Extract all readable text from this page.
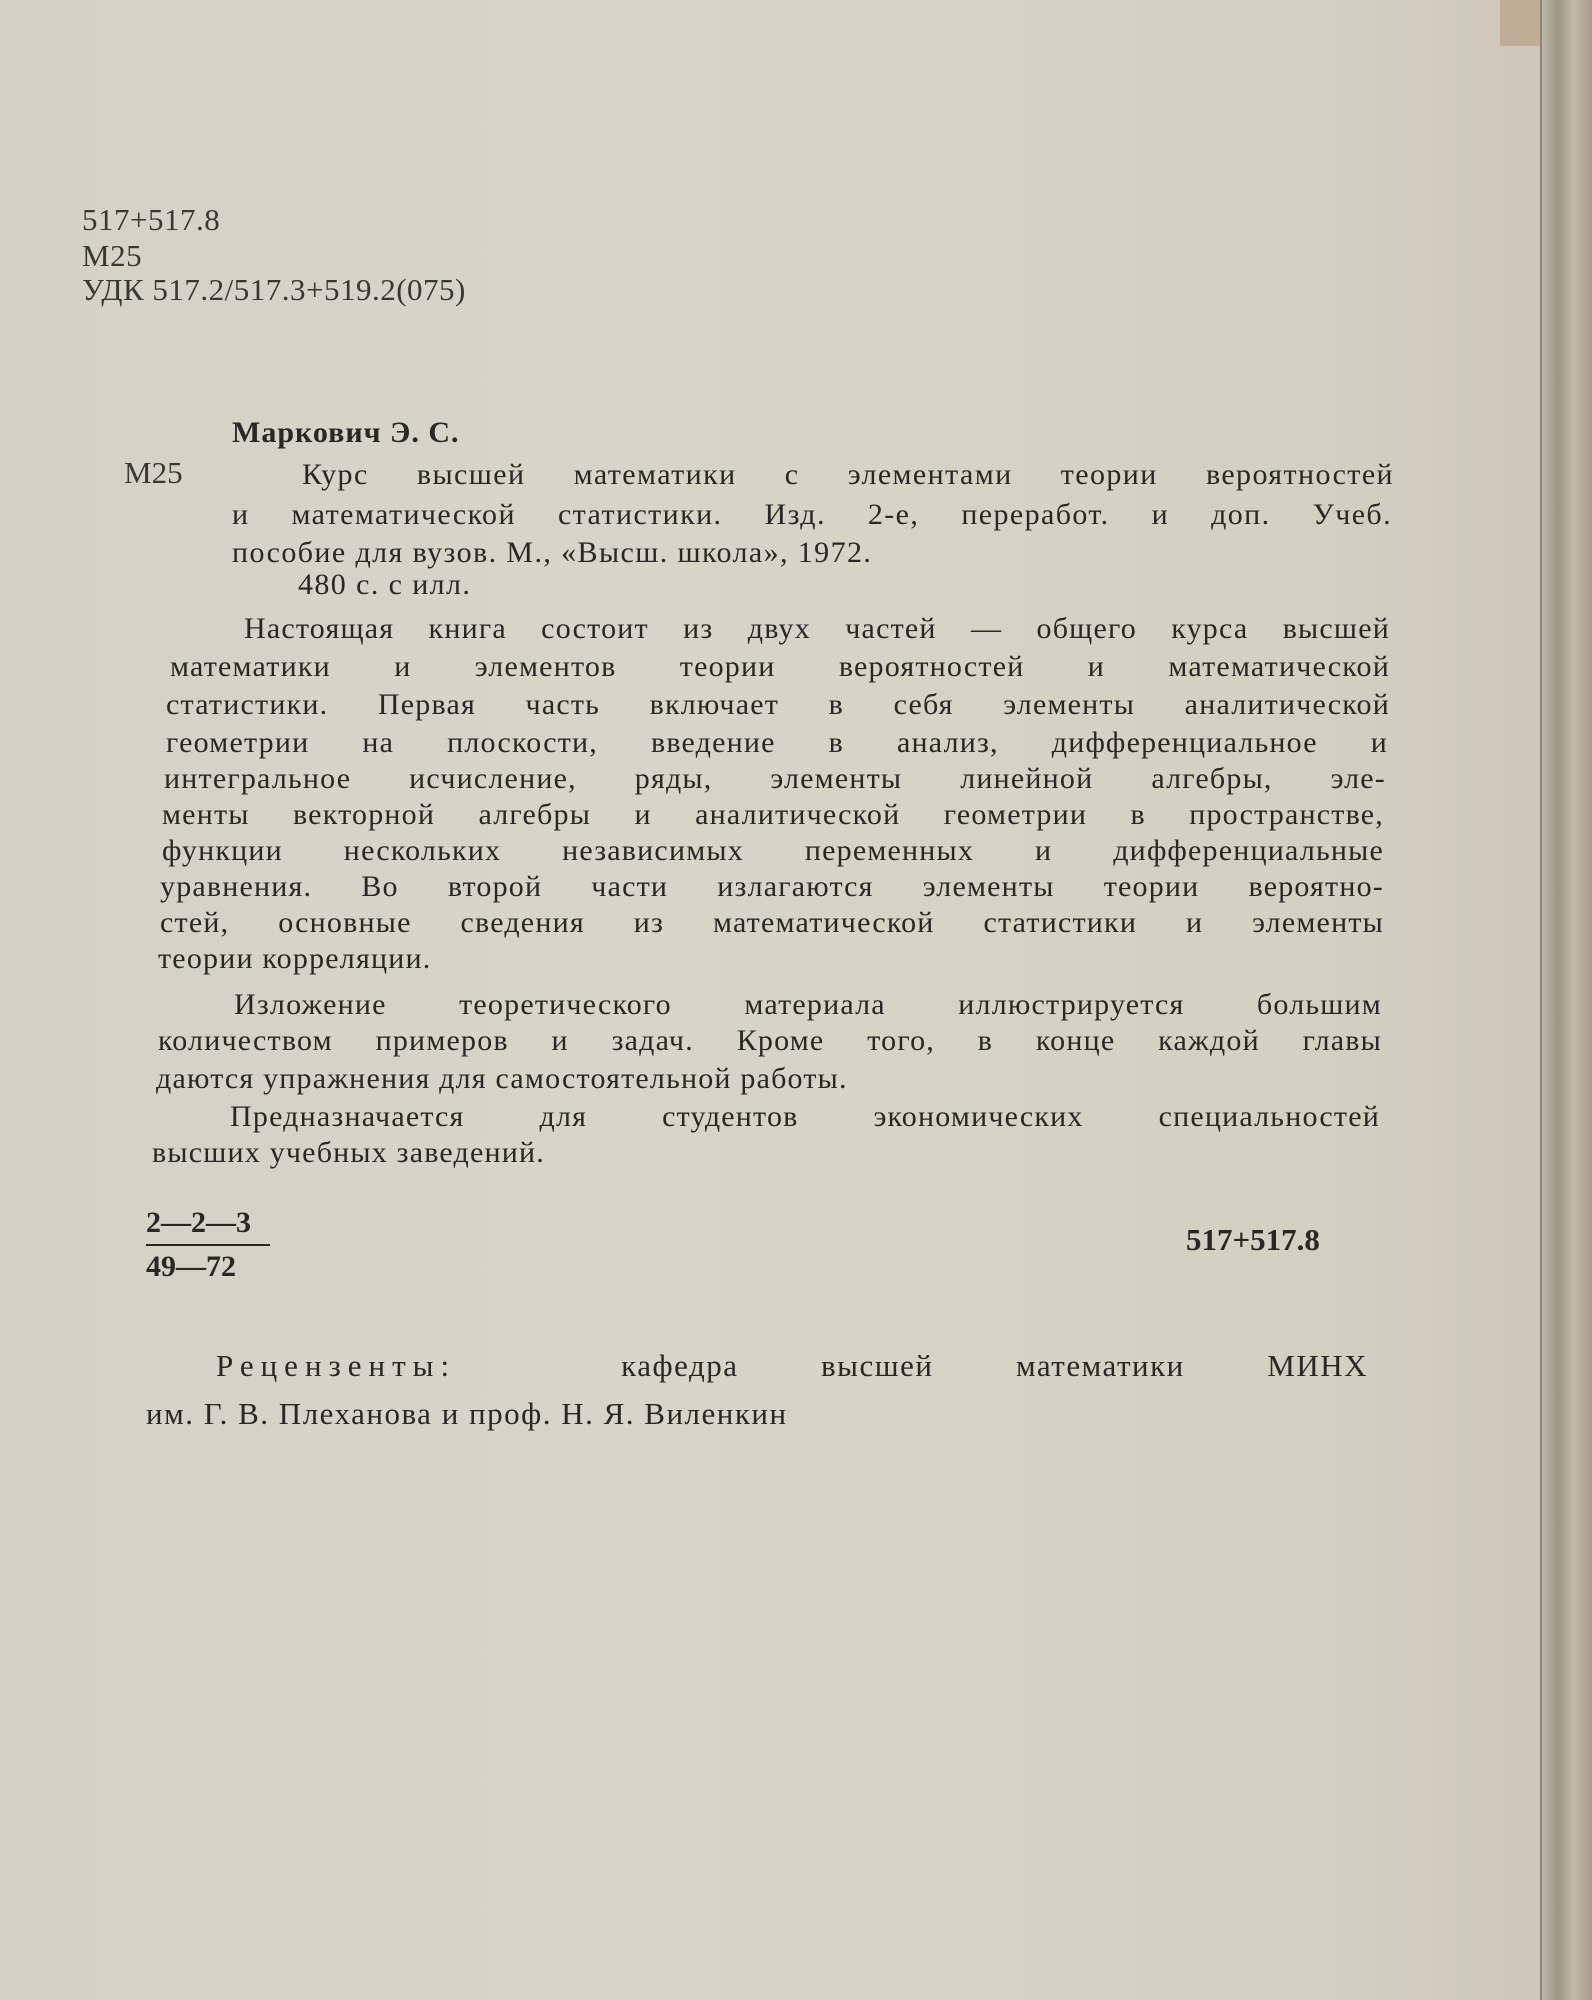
517+517.8

М25

УДК 517.2/517.3+519.2(075)

Маркович Э. С.

М25	Курс высшей математики с элементами теории вероятностей

и математической статистики. Изд. 2-е, переработ. и доп. Учеб.

пособие для вузов. М., «Высш. школа», 1972.

480 с. с илл.

Настоящая книга состоит из двух частей — общего курса высшей

математики и элементов теории вероятностей и математической

статистики. Первая часть включает в себя элементы аналитической

геометрии на плоскости, введение в анализ, дифференциальное и

интегральное исчисление, ряды, элементы линейной алгебры, эле-

менты векторной алгебры и аналитической геометрии в пространстве,

функции нескольких независимых переменных и дифференциальные

уравнения. Во второй части излагаются элементы теории вероятно-

стей, основные сведения из математической статистики и элементы

теории корреляции.

Изложение теоретического материала иллюстрируется большим

количеством примеров и задач. Кроме того, в конце каждой главы

даются упражнения для самостоятельной работы.

Предназначается для студентов экономических специальностей

высших учебных заведений.

$\frac{2—2—3}{49—72}$	517+517.8

Рецензенты:	кафедра высшей математики МИНХ

им. Г. В. Плеханова и проф. Н. Я. Виленкин
